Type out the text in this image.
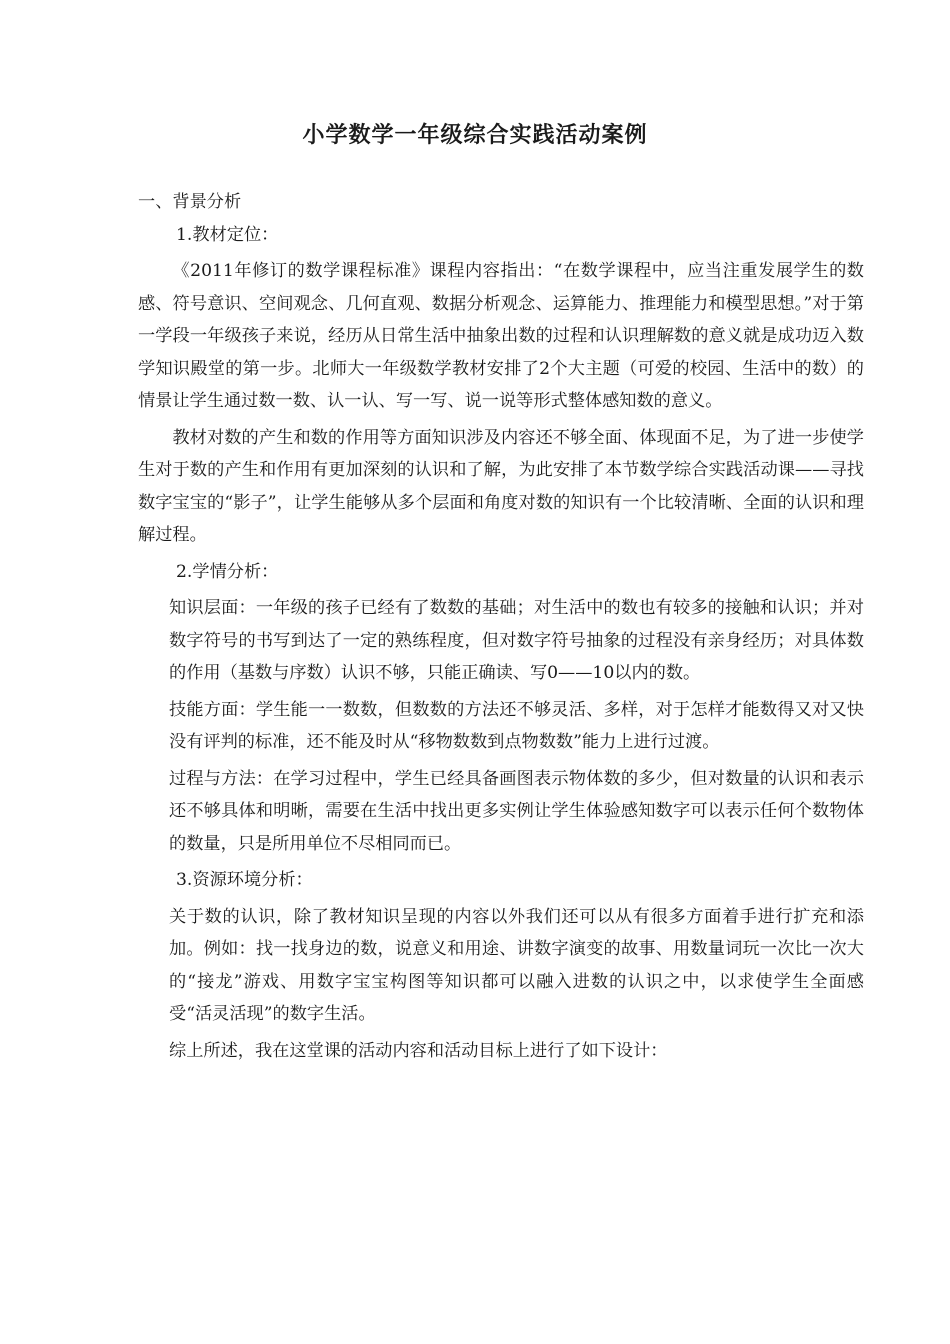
小学数学一年级综合实践活动案例

一、背景分析

1.教材定位：

《2011年修订的数学课程标准》课程内容指出：“在数学课程中，应当注重发展学生的数感、符号意识、空间观念、几何直观、数据分析观念、运算能力、推理能力和模型思想。”对于第一学段一年级孩子来说，经历从日常生活中抽象出数的过程和认识理解数的意义就是成功迈入数学知识殿堂的第一步。北师大一年级数学教材安排了2个大主题（可爱的校园、生活中的数）的情景让学生通过数一数、认一认、写一写、说一说等形式整体感知数的意义。

教材对数的产生和数的作用等方面知识涉及内容还不够全面、体现面不足，为了进一步使学生对于数的产生和作用有更加深刻的认识和了解，为此安排了本节数学综合实践活动课——寻找数字宝宝的“影子”，让学生能够从多个层面和角度对数的知识有一个比较清晰、全面的认识和理解过程。

2.学情分析：

知识层面：一年级的孩子已经有了数数的基础；对生活中的数也有较多的接触和认识；并对数字符号的书写到达了一定的熟练程度，但对数字符号抽象的过程没有亲身经历；对具体数的作用（基数与序数）认识不够，只能正确读、写0——10以内的数。

技能方面：学生能一一数数，但数数的方法还不够灵活、多样，对于怎样才能数得又对又快没有评判的标准，还不能及时从“移物数数到点物数数”能力上进行过渡。

过程与方法：在学习过程中，学生已经具备画图表示物体数的多少，但对数量的认识和表示还不够具体和明晰，需要在生活中找出更多实例让学生体验感知数字可以表示任何个数物体的数量，只是所用单位不尽相同而已。

3.资源环境分析：

关于数的认识，除了教材知识呈现的内容以外我们还可以从有很多方面着手进行扩充和添加。例如：找一找身边的数，说意义和用途、讲数字演变的故事、用数量词玩一次比一次大的“接龙”游戏、用数字宝宝构图等知识都可以融入进数的认识之中，以求使学生全面感受“活灵活现”的数字生活。

综上所述，我在这堂课的活动内容和活动目标上进行了如下设计：
